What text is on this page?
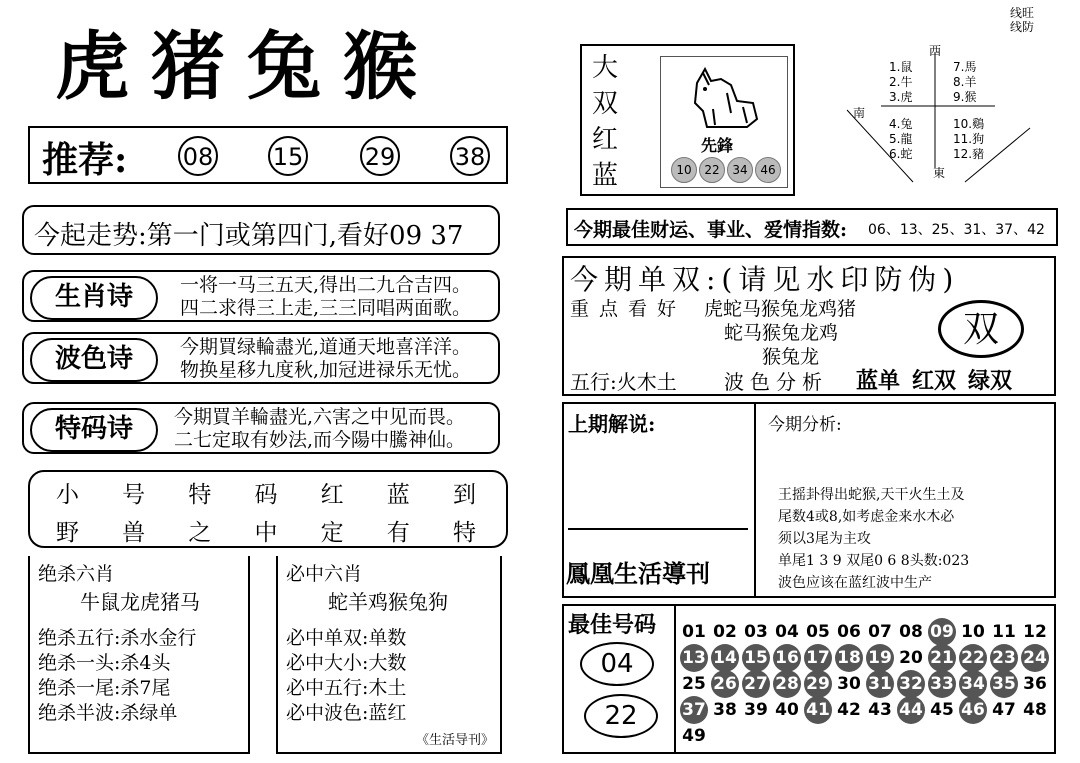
虎猪兔猴
推荐: 08 15	29 38
今起走势:第一门或第四门,看好09 37
生肖诗	一将一马三五天,得出二九合吉四。
四二求得三上走,三三同唱两面歌。
波色诗	今期買绿輪盡光,道通天地喜洋洋。
物换星移九度秋,加冠进禄乐无忧。
特码诗	今期買羊輪盡光,六害之中见而畏。
二七定取有妙法,而今陽中騰神仙。
小 号 特 码 红 蓝 到
野 兽 之 中 定 有 特
绝杀六肖
牛鼠龙虎猪马
绝杀五行:杀水金行
绝杀一头:杀4头
绝杀一尾:杀7尾
绝杀半波:杀绿单
必中六肖
蛇羊鸡猴兔狗
必中单双:单数
必中大小:大数
必中五行:木土
必中波色:蓝红
《生活导刊》
线旺
线防
大
双
红
蓝
先鋒
10	22	34	46
西
南
東
1.鼠
2.牛
3.虎
4.兔
5.龍
6.蛇
7.馬
8.羊
9.猴
10.鷄
11.狗
12.豬
今期最佳财运、事业、爱情指数: 06、13、25、31、37、42
今期单双:(请见水印防伪)
重点看好 虎蛇马猴兔龙鸡猪
蛇马猴兔龙鸡
猴兔龙
双
五行:火木土 波色分析 蓝单 红双 绿双
上期解说:
鳳凰生活導刊
今期分析:
王摇卦得出蛇猴,天干火生土及
尾数4或8,如考虑金来水木必
须以3尾为主攻
单尾1 3 9 双尾0 6 8头数:023
波色应该在蓝红波中生产
最佳号码
04
22
01 02 03 04 05 06 07 08 09 10 11 12
13 14 15 16 17 18 19 20 21 22 23 24
25 26 27 28 29 30 31 32 33 34 35 36
37 38 39 40 41 42 43 44 45 46 47 48
49
